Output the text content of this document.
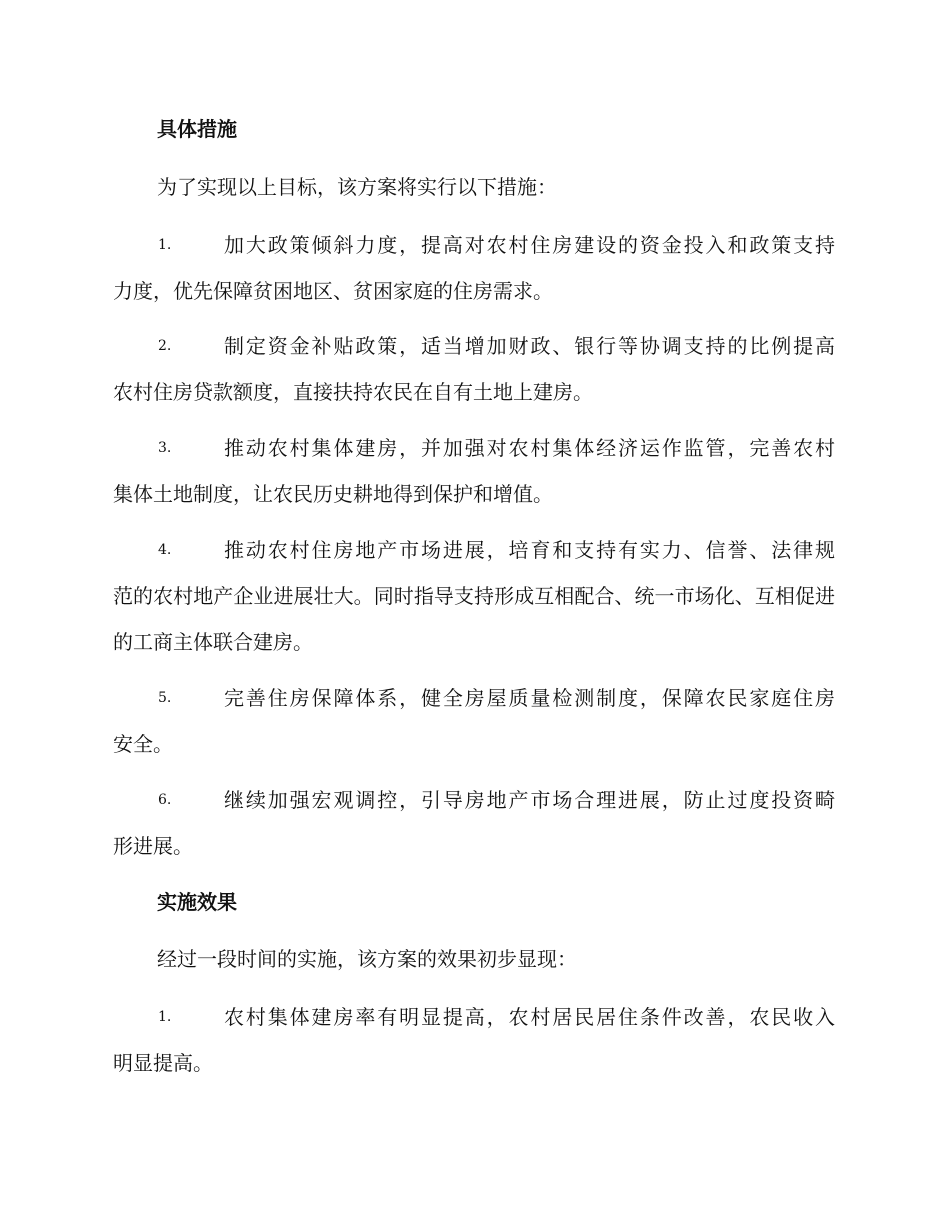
具体措施
为了实现以上目标，该方案将实行以下措施：
1.	加大政策倾斜力度，提高对农村住房建设的资金投入和政策支持
力度，优先保障贫困地区、贫困家庭的住房需求。
2.	制定资金补贴政策，适当增加财政、银行等协调支持的比例提高
农村住房贷款额度，直接扶持农民在自有土地上建房。
3.	推动农村集体建房，并加强对农村集体经济运作监管，完善农村
集体土地制度，让农民历史耕地得到保护和增值。
4.	推动农村住房地产市场进展，培育和支持有实力、信誉、法律规
范的农村地产企业进展壮大。同时指导支持形成互相配合、统一市场化、互相促进的工商主体联合建房。
5.	完善住房保障体系，健全房屋质量检测制度，保障农民家庭住房
安全。
6.	继续加强宏观调控，引导房地产市场合理进展，防止过度投资畸
形进展。
实施效果
经过一段时间的实施，该方案的效果初步显现：
1.	农村集体建房率有明显提高，农村居民居住条件改善，农民收入
明显提高。
